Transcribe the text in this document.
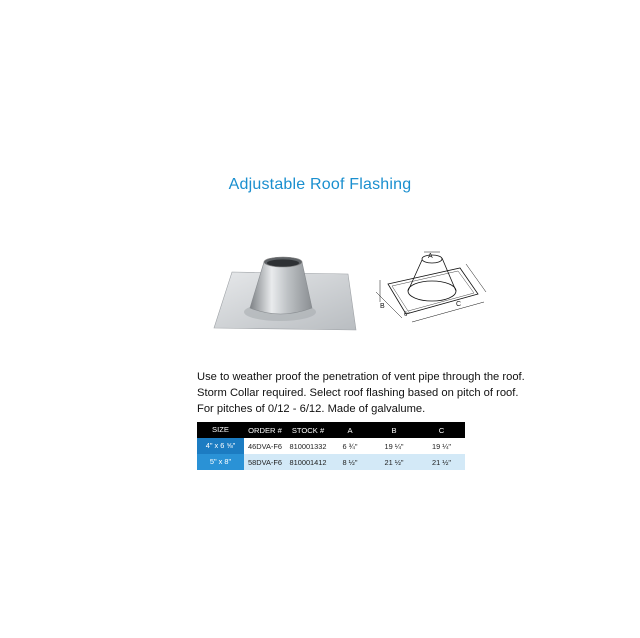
Adjustable Roof Flashing
A
B	C
6°
Use to weather proof the penetration of vent pipe through the roof. Storm Collar required. Select roof flashing based on pitch of roof. For pitches of 0/12 - 6/12. Made of galvalume.
SIZE	ORDER #	STOCK #	A	B	C
4" x 6 ⅝"	46DVA-F6	810001332	6 ¾"	19 ¼"	19 ¼"
5" x 8"	58DVA-F6	810001412	8 ½"	21 ½"	21 ½"
